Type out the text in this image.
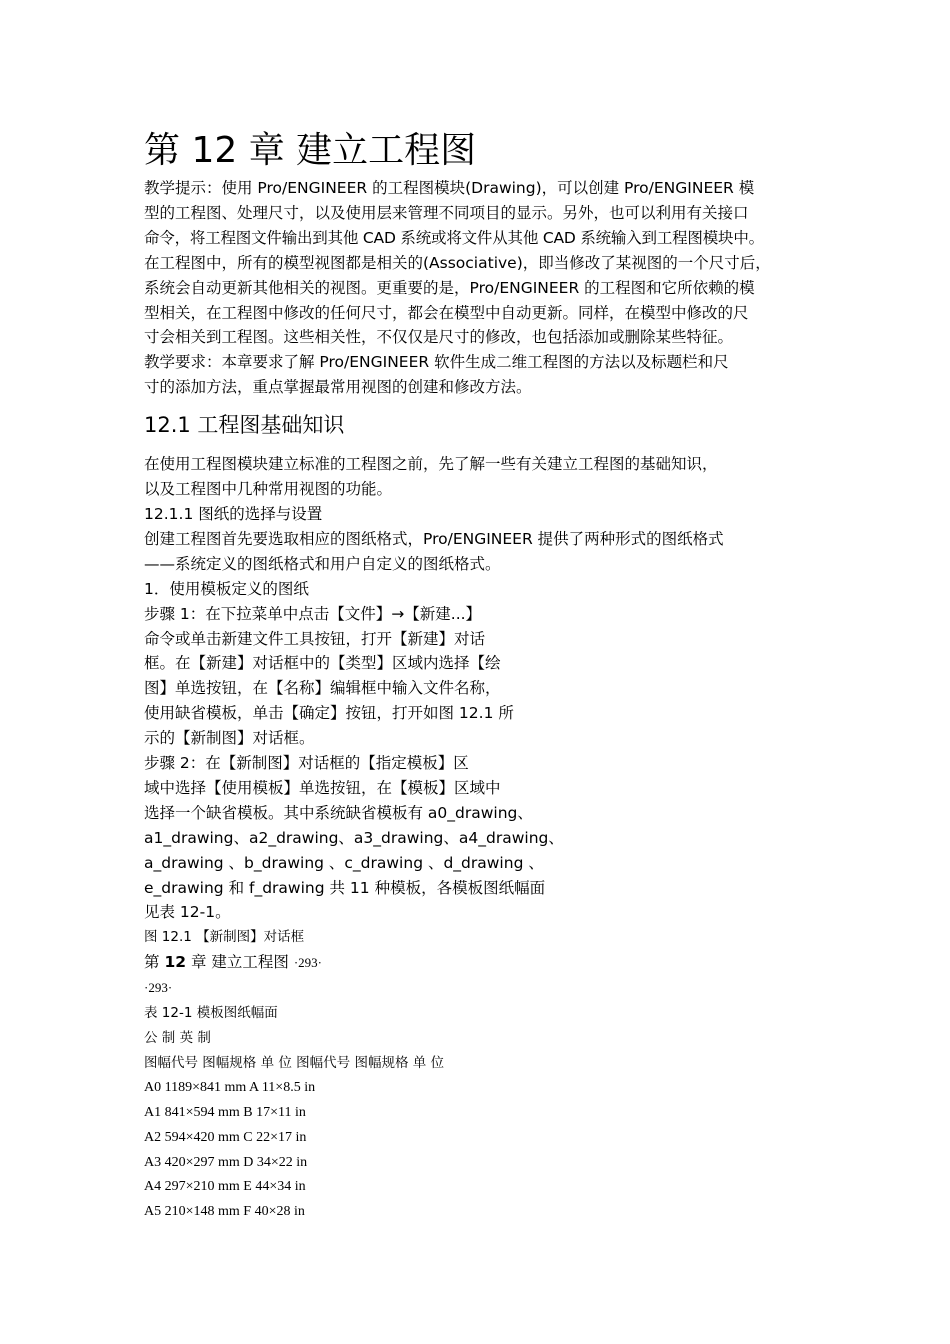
第 12 章 建立工程图
教学提示：使用 Pro/ENGINEER 的工程图模块(Drawing)，可以创建 Pro/ENGINEER 模
型的工程图、处理尺寸，以及使用层来管理不同项目的显示。另外，也可以利用有关接口
命令，将工程图文件输出到其他 CAD 系统或将文件从其他 CAD 系统输入到工程图模块中。
在工程图中，所有的模型视图都是相关的(Associative)，即当修改了某视图的一个尺寸后，
系统会自动更新其他相关的视图。更重要的是，Pro/ENGINEER 的工程图和它所依赖的模
型相关，在工程图中修改的任何尺寸，都会在模型中自动更新。同样，在模型中修改的尺
寸会相关到工程图。这些相关性，不仅仅是尺寸的修改，也包括添加或删除某些特征。
教学要求：本章要求了解 Pro/ENGINEER 软件生成二维工程图的方法以及标题栏和尺
寸的添加方法，重点掌握最常用视图的创建和修改方法。
12.1 工程图基础知识
在使用工程图模块建立标准的工程图之前，先了解一些有关建立工程图的基础知识，
以及工程图中几种常用视图的功能。
12.1.1 图纸的选择与设置
创建工程图首先要选取相应的图纸格式，Pro/ENGINEER 提供了两种形式的图纸格式
——系统定义的图纸格式和用户自定义的图纸格式。
1．使用模板定义的图纸
步骤 1：在下拉菜单中点击【文件】→【新建...】
命令或单击新建文件工具按钮，打开【新建】对话
框。在【新建】对话框中的【类型】区域内选择【绘
图】单选按钮，在【名称】编辑框中输入文件名称，
使用缺省模板，单击【确定】按钮，打开如图 12.1 所
示的【新制图】对话框。
步骤 2：在【新制图】对话框的【指定模板】区
域中选择【使用模板】单选按钮，在【模板】区域中
选择一个缺省模板。其中系统缺省模板有 a0_drawing、
a1_drawing、a2_drawing、a3_drawing、a4_drawing、
a_drawing 、b_drawing 、c_drawing 、d_drawing 、
e_drawing 和 f_drawing 共 11 种模板，各模板图纸幅面
见表 12-1。
图 12.1 【新制图】对话框
第 12 章 建立工程图 ·293·
·293·
表 12-1 模板图纸幅面
公 制 英 制
图幅代号 图幅规格 单 位 图幅代号 图幅规格 单 位
A0 1189×841 mm A 11×8.5 in
A1 841×594 mm B 17×11 in
A2 594×420 mm C 22×17 in
A3 420×297 mm D 34×22 in
A4 297×210 mm E 44×34 in
A5 210×148 mm F 40×28 in
